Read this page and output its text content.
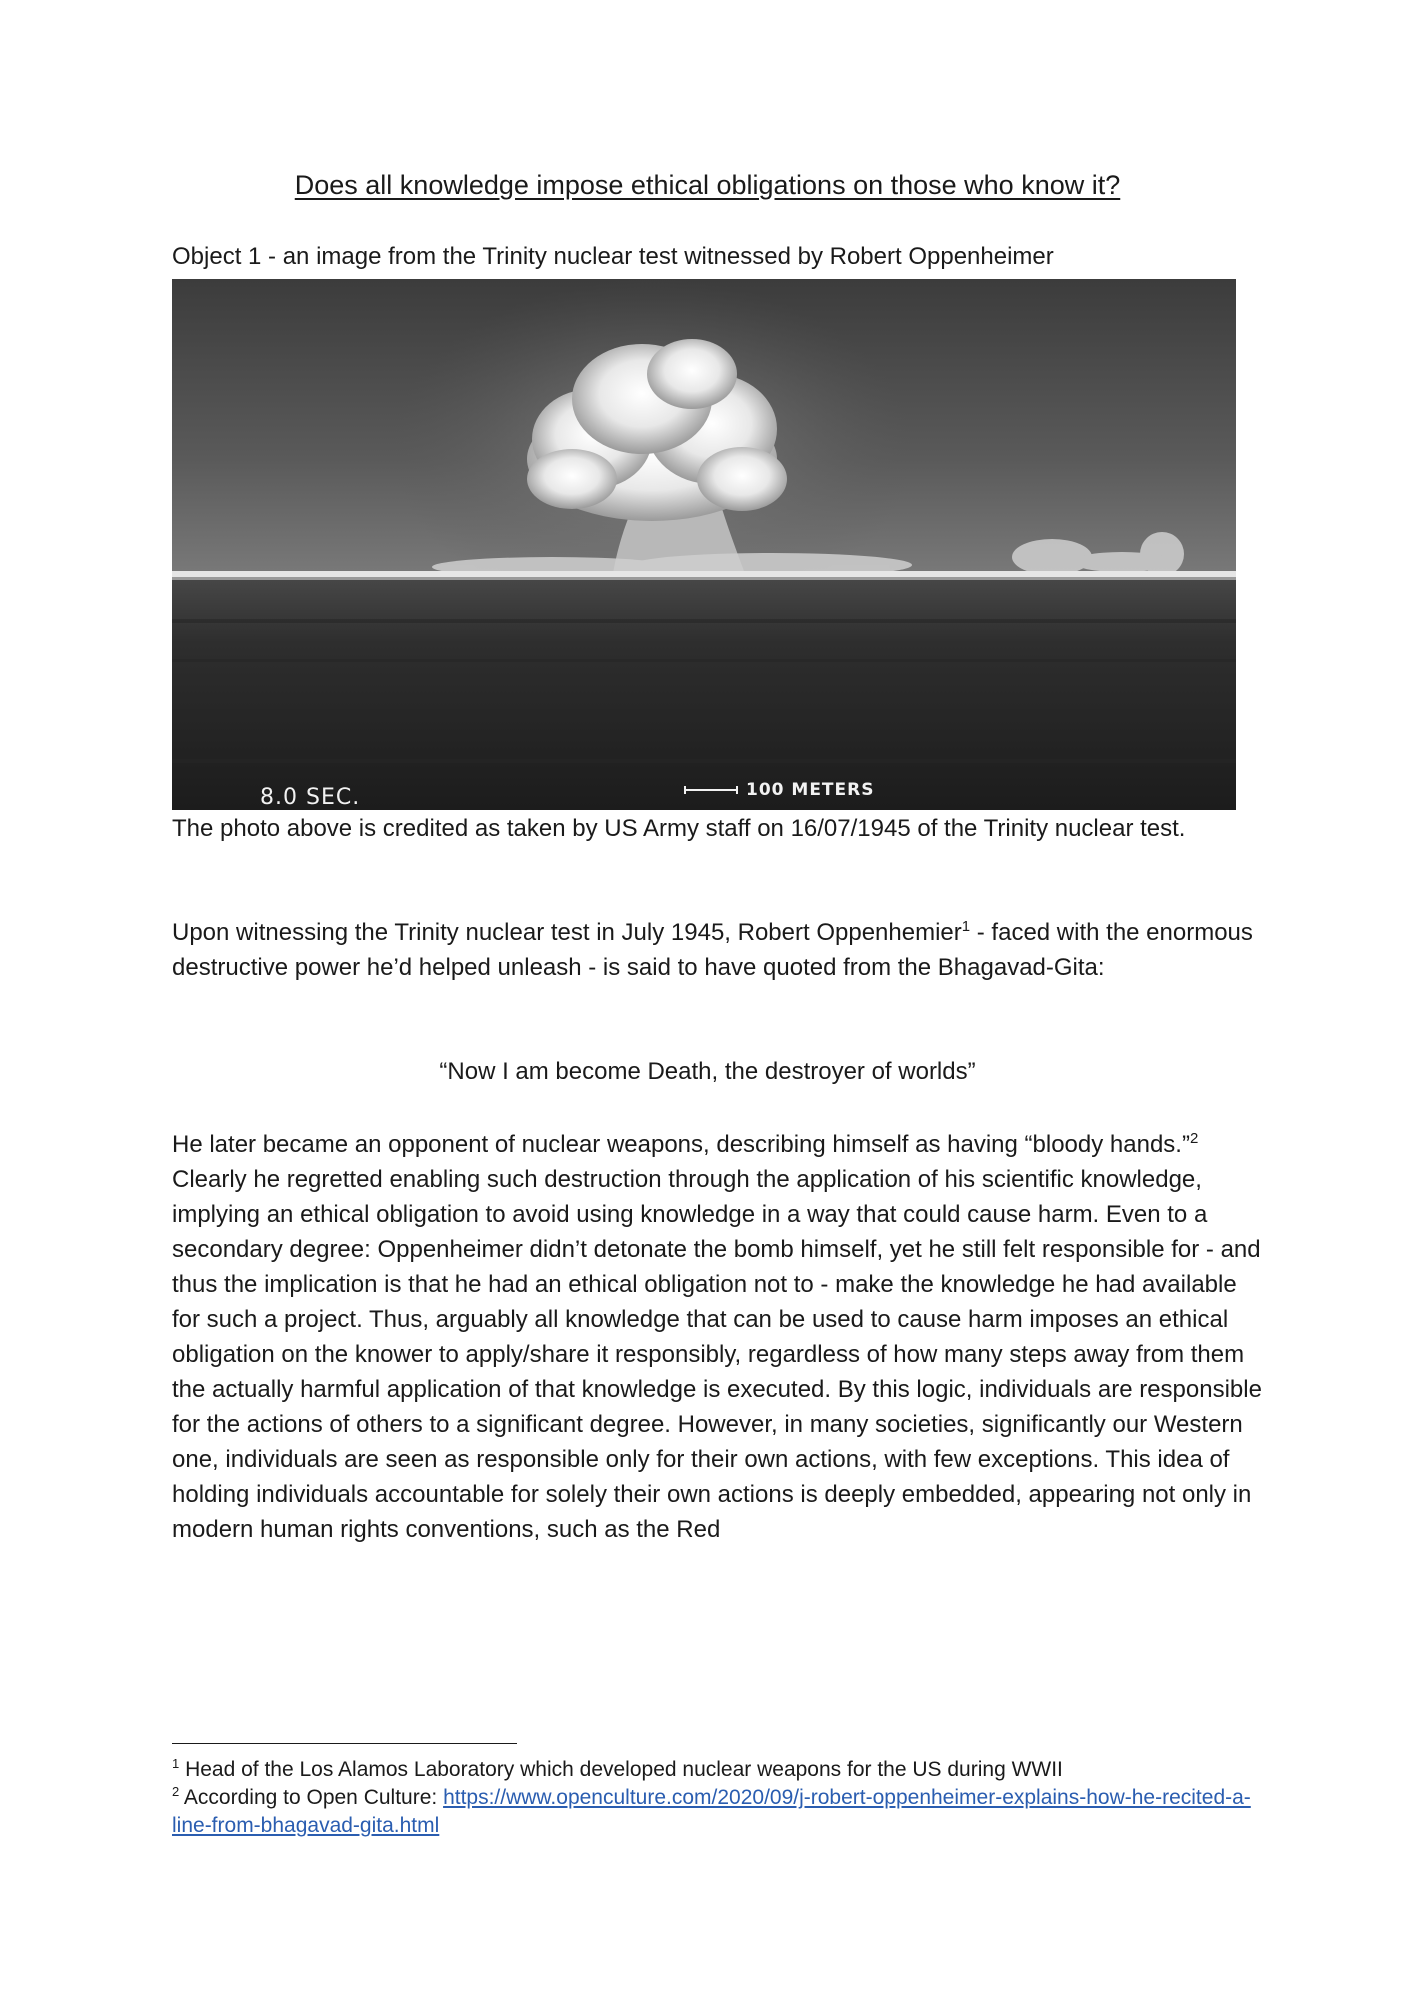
Does all knowledge impose ethical obligations on those who know it?
Object 1 - an image from the Trinity nuclear test witnessed by Robert Oppenheimer
8.0 SEC.	100 METERS
The photo above is credited as taken by US Army staff on 16/07/1945 of the Trinity nuclear test.
Upon witnessing the Trinity nuclear test in July 1945, Robert Oppenhemier$^1$ - faced with the enormous destructive power he’d helped unleash - is said to have quoted from the Bhagavad-Gita:
“Now I am become Death, the destroyer of worlds”
He later became an opponent of nuclear weapons, describing himself as having “bloody hands.”$^2$ Clearly he regretted enabling such destruction through the application of his scientific knowledge, implying an ethical obligation to avoid using knowledge in a way that could cause harm. Even to a secondary degree: Oppenheimer didn’t detonate the bomb himself, yet he still felt responsible for - and thus the implication is that he had an ethical obligation not to - make the knowledge he had available for such a project. Thus, arguably all knowledge that can be used to cause harm imposes an ethical obligation on the knower to apply/share it responsibly, regardless of how many steps away from them the actually harmful application of that knowledge is executed. By this logic, individuals are responsible for the actions of others to a significant degree. However, in many societies, significantly our Western one, individuals are seen as responsible only for their own actions, with few exceptions. This idea of holding individuals accountable for solely their own actions is deeply embedded, appearing not only in modern human rights conventions, such as the Red
$^1$ Head of the Los Alamos Laboratory which developed nuclear weapons for the US during WWII
$^2$ According to Open Culture: https://www.openculture.com/2020/09/j-robert-oppenheimer-explains-how-he-recited-a-line-from-bhagavad-gita.html
